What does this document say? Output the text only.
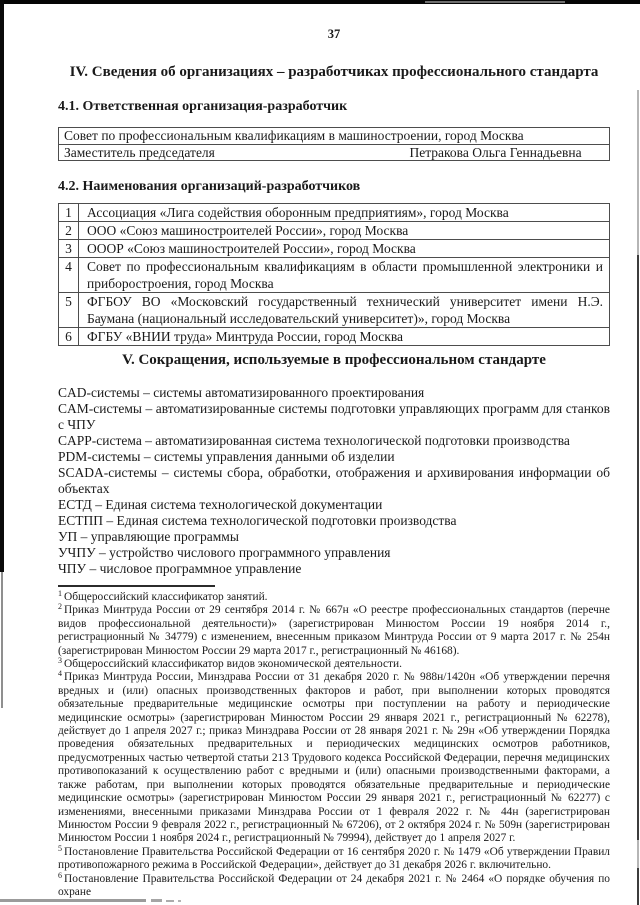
37
IV. Сведения об организациях – разработчиках профессионального стандарта
4.1. Ответственная организация-разработчик
Совет по профессиональным квалификациям в машиностроении, город Москва
Заместитель председателя	Петракова Ольга Геннадьевна
4.2. Наименования организаций-разработчиков
1	Ассоциация «Лига содействия оборонным предприятиям», город Москва
2	ООО «Союз машиностроителей России», город Москва
3	ОООР «Союз машиностроителей России», город Москва
4	Совет по профессиональным квалификациям в области промышленной электроники и приборостроения, город Москва
5	ФГБОУ ВО «Московский государственный технический университет имени Н.Э. Баумана (национальный исследовательский университет)», город Москва
6	ФГБУ «ВНИИ труда» Минтруда России, город Москва
V. Сокращения, используемые в профессиональном стандарте

CAD-системы – системы автоматизированного проектирования

CAM-системы – автоматизированные системы подготовки управляющих программ для станков с ЧПУ

CAPP-система – автоматизированная система технологической подготовки производства

PDM-системы – системы управления данными об изделии

SCADA-системы – системы сбора, обработки, отображения и архивирования информации об объектах

ЕСТД – Единая система технологической документации

ЕСТПП – Единая система технологической подготовки производства

УП – управляющие программы

УЧПУ – устройство числового программного управления

ЧПУ – числовое программное управление

$^1$ Общероссийский классификатор занятий.

$^2$ Приказ Минтруда России от 29 сентября 2014 г. № 667н «О реестре профессиональных стандартов (перечне видов профессиональной деятельности)» (зарегистрирован Минюстом России 19 ноября 2014 г., регистрационный № 34779) с изменением, внесенным приказом Минтруда России от 9 марта 2017 г. № 254н (зарегистрирован Минюстом России 29 марта 2017 г., регистрационный № 46168).

$^3$ Общероссийский классификатор видов экономической деятельности.

$^4$ Приказ Минтруда России, Минздрава России от 31 декабря 2020 г. № 988н/1420н «Об утверждении перечня вредных и (или) опасных производственных факторов и работ, при выполнении которых проводятся обязательные предварительные медицинские осмотры при поступлении на работу и периодические медицинские осмотры» (зарегистрирован Минюстом России 29 января 2021 г., регистрационный № 62278), действует до 1 апреля 2027 г.; приказ Минздрава России от 28 января 2021 г. № 29н «Об утверждении Порядка проведения обязательных предварительных и периодических медицинских осмотров работников, предусмотренных частью четвертой статьи 213 Трудового кодекса Российской Федерации, перечня медицинских противопоказаний к осуществлению работ с вредными и (или) опасными производственными факторами, а также работам, при выполнении которых проводятся обязательные предварительные и периодические медицинские осмотры» (зарегистрирован Минюстом России 29 января 2021 г., регистрационный № 62277) с изменениями, внесенными приказами Минздрава России от 1 февраля 2022 г. № 44н (зарегистрирован Минюстом России 9 февраля 2022 г., регистрационный № 67206), от 2 октября 2024 г. № 509н (зарегистрирован Минюстом России 1 ноября 2024 г., регистрационный № 79994), действует до 1 апреля 2027 г.

$^5$ Постановление Правительства Российской Федерации от 16 сентября 2020 г. № 1479 «Об утверждении Правил противопожарного режима в Российской Федерации», действует до 31 декабря 2026 г. включительно.

$^6$ Постановление Правительства Российской Федерации от 24 декабря 2021 г. № 2464 «О порядке обучения по охране
